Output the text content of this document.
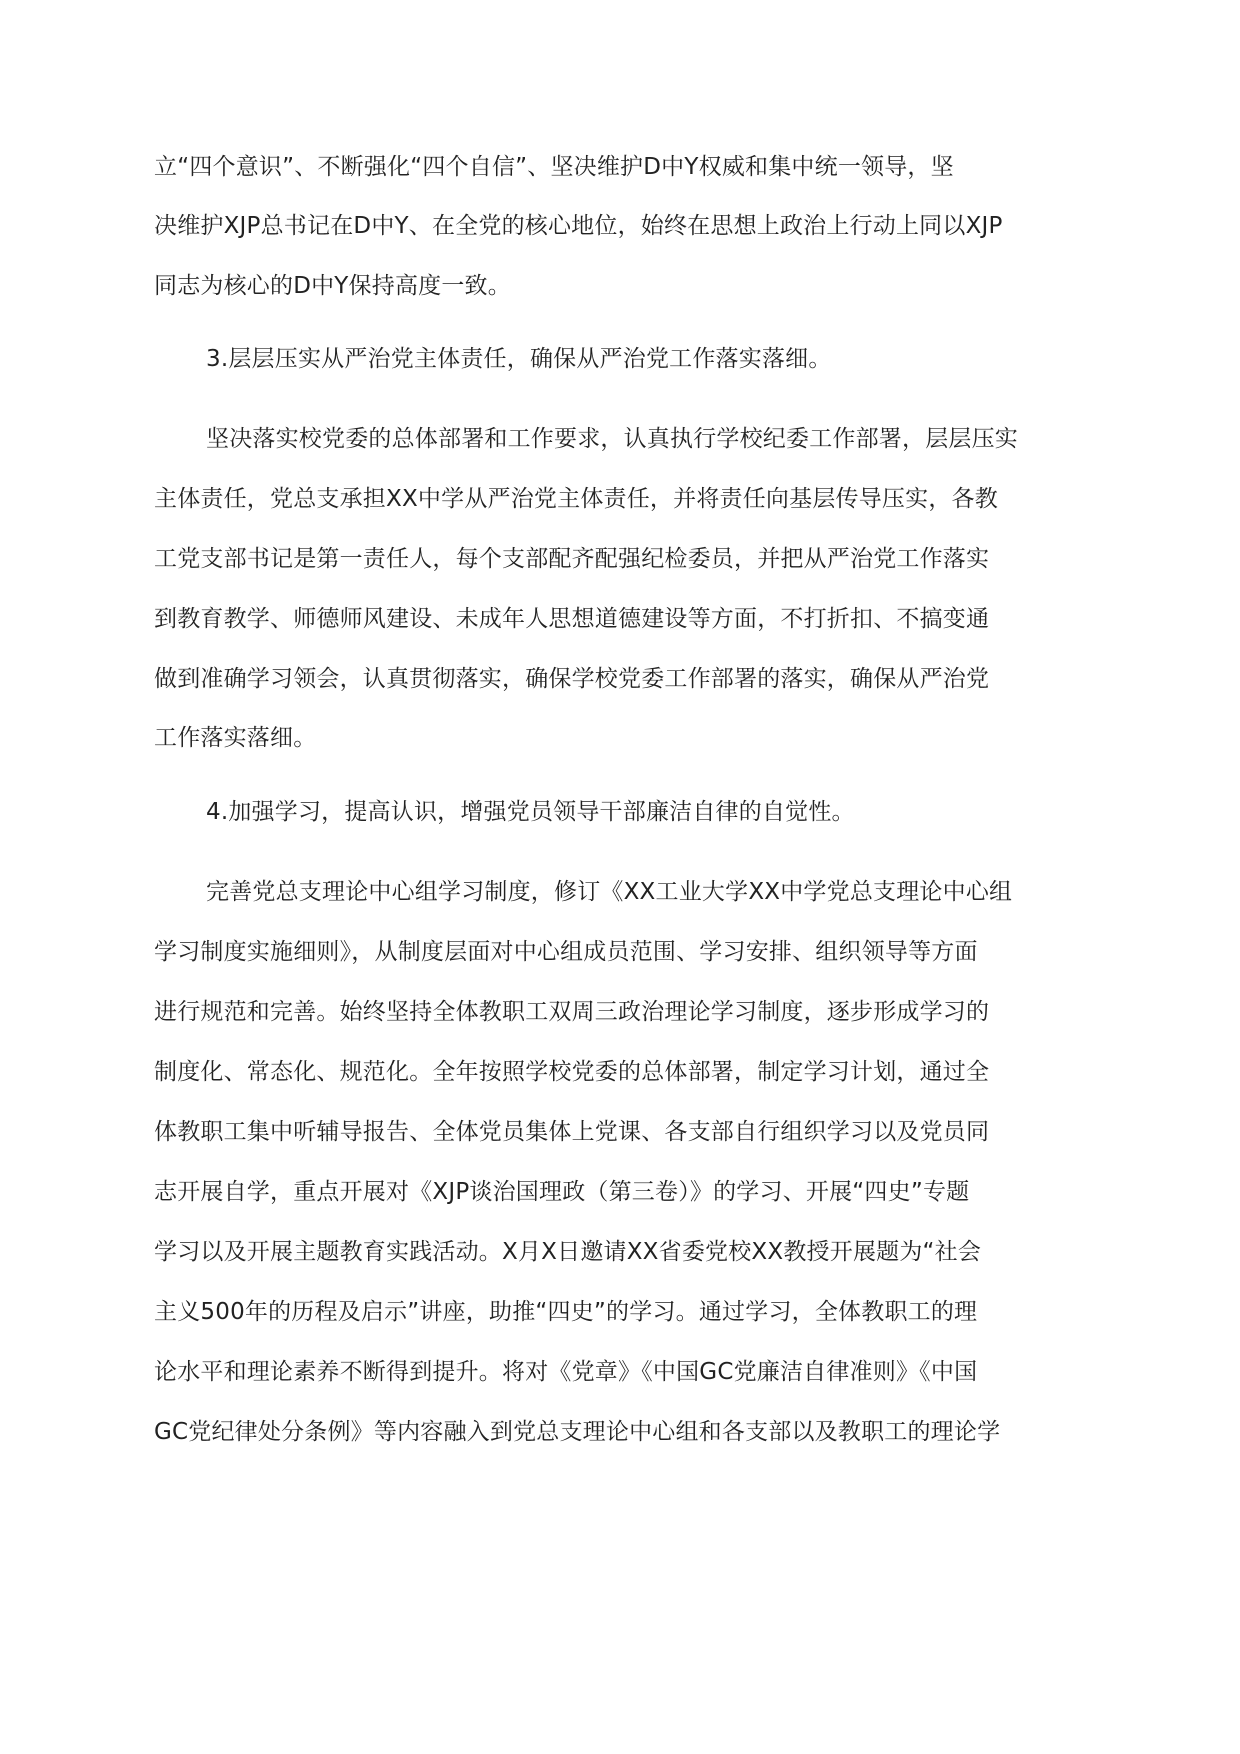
立“四个意识”、不断强化“四个自信”、坚决维护D中Y权威和集中统一领导，坚
决维护XJP总书记在D中Y、在全党的核心地位，始终在思想上政治上行动上同以XJP
同志为核心的D中Y保持高度一致。
3.层层压实从严治党主体责任，确保从严治党工作落实落细。
坚决落实校党委的总体部署和工作要求，认真执行学校纪委工作部署，层层压实
主体责任，党总支承担XX中学从严治党主体责任，并将责任向基层传导压实，各教
工党支部书记是第一责任人，每个支部配齐配强纪检委员，并把从严治党工作落实
到教育教学、师德师风建设、未成年人思想道德建设等方面，不打折扣、不搞变通
做到准确学习领会，认真贯彻落实，确保学校党委工作部署的落实，确保从严治党
工作落实落细。
4.加强学习，提高认识，增强党员领导干部廉洁自律的自觉性。
完善党总支理论中心组学习制度，修订《XX工业大学XX中学党总支理论中心组
学习制度实施细则》，从制度层面对中心组成员范围、学习安排、组织领导等方面
进行规范和完善。始终坚持全体教职工双周三政治理论学习制度，逐步形成学习的
制度化、常态化、规范化。全年按照学校党委的总体部署，制定学习计划，通过全
体教职工集中听辅导报告、全体党员集体上党课、各支部自行组织学习以及党员同
志开展自学，重点开展对《XJP谈治国理政（第三卷）》的学习、开展“四史”专题
学习以及开展主题教育实践活动。X月X日邀请XX省委党校XX教授开展题为“社会
主义500年的历程及启示”讲座，助推“四史”的学习。通过学习，全体教职工的理
论水平和理论素养不断得到提升。将对《党章》《中国GC党廉洁自律准则》《中国
GC党纪律处分条例》等内容融入到党总支理论中心组和各支部以及教职工的理论学
